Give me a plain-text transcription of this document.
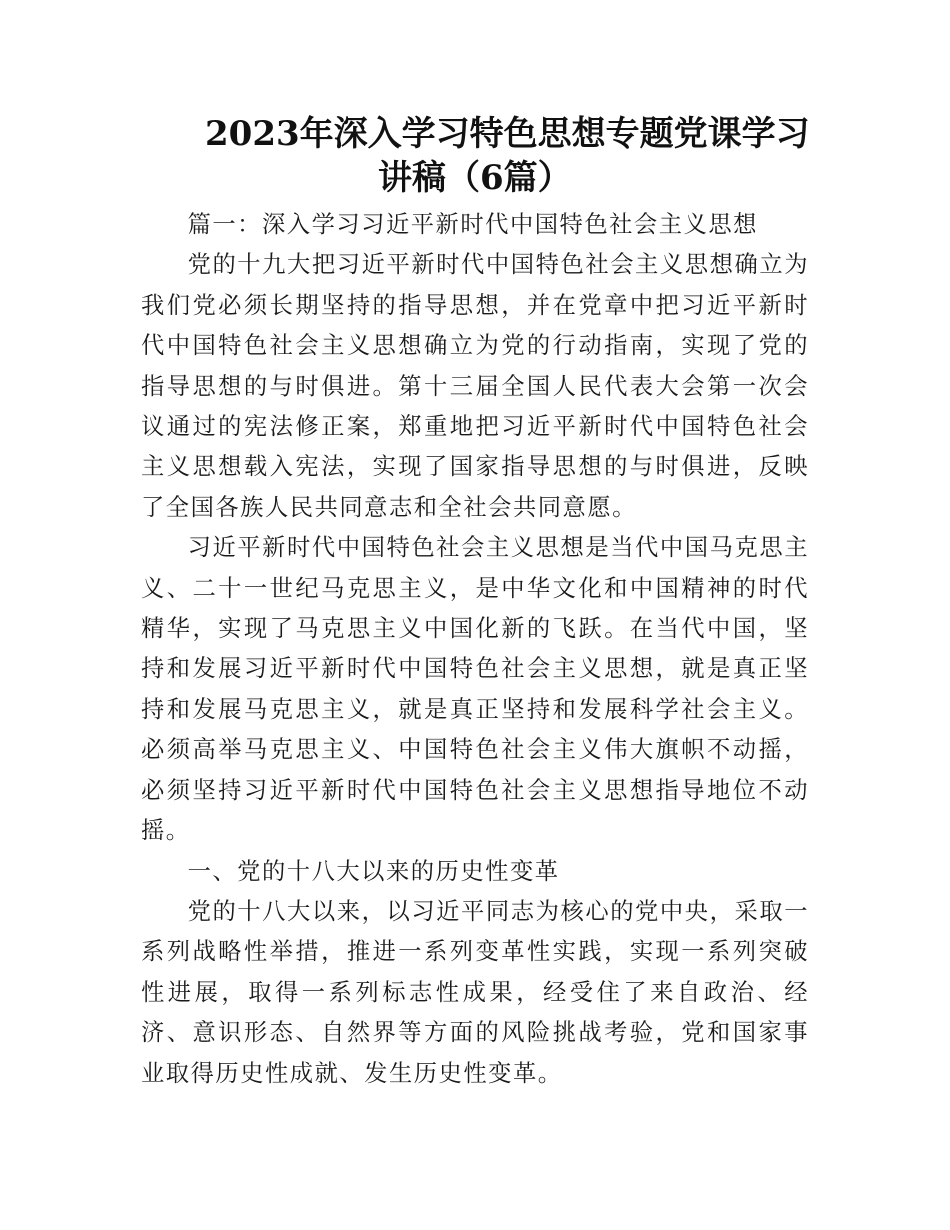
2023年深入学习特色思想专题党课学习
讲稿（6篇）

篇一：深入学习习近平新时代中国特色社会主义思想

党的十九大把习近平新时代中国特色社会主义思想确立为我们党必须长期坚持的指导思想，并在党章中把习近平新时代中国特色社会主义思想确立为党的行动指南，实现了党的指导思想的与时俱进。第十三届全国人民代表大会第一次会议通过的宪法修正案，郑重地把习近平新时代中国特色社会主义思想载入宪法，实现了国家指导思想的与时俱进，反映了全国各族人民共同意志和全社会共同意愿。

习近平新时代中国特色社会主义思想是当代中国马克思主义、二十一世纪马克思主义，是中华文化和中国精神的时代精华，实现了马克思主义中国化新的飞跃。在当代中国，坚持和发展习近平新时代中国特色社会主义思想，就是真正坚持和发展马克思主义，就是真正坚持和发展科学社会主义。必须高举马克思主义、中国特色社会主义伟大旗帜不动摇，必须坚持习近平新时代中国特色社会主义思想指导地位不动摇。

一、党的十八大以来的历史性变革

党的十八大以来，以习近平同志为核心的党中央，采取一系列战略性举措，推进一系列变革性实践，实现一系列突破性进展，取得一系列标志性成果，经受住了来自政治、经济、意识形态、自然界等方面的风险挑战考验，党和国家事业取得历史性成就、发生历史性变革。
